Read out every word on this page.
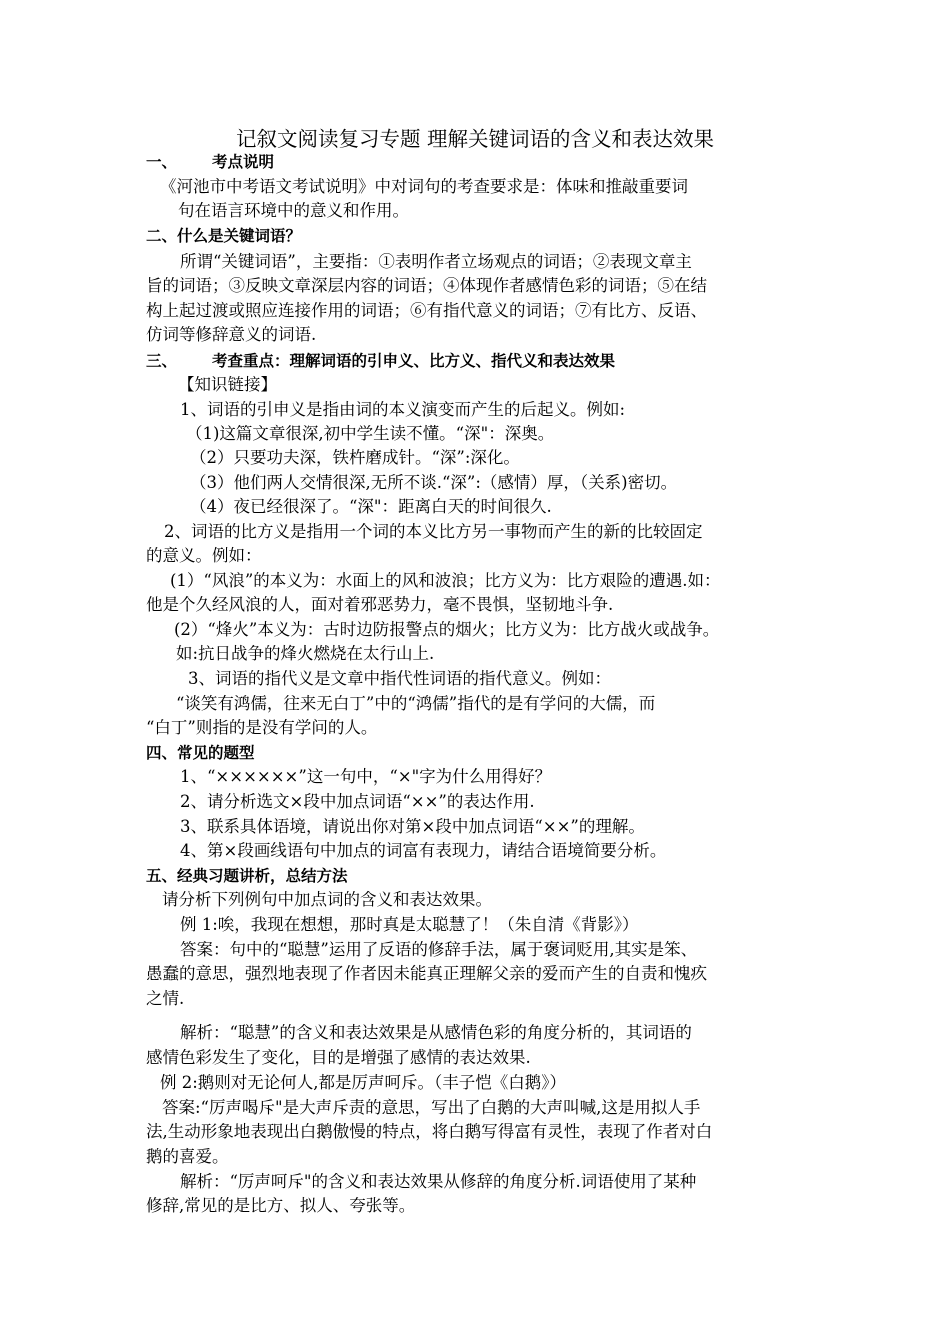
记叙文阅读复习专题 理解关键词语的含义和表达效果
一、 考点说明
《河池市中考语文考试说明》中对词句的考查要求是：体味和推敲重要词
句在语言环境中的意义和作用。
二、什么是关键词语？
所谓“关键词语”，主要指：①表明作者立场观点的词语；②表现文章主
旨的词语；③反映文章深层内容的词语；④体现作者感情色彩的词语；⑤在结
构上起过渡或照应连接作用的词语；⑥有指代意义的词语；⑦有比方、反语、
仿词等修辞意义的词语.
三、 考查重点：理解词语的引申义、比方义、指代义和表达效果
【知识链接】
1、词语的引申义是指由词的本义演变而产生的后起义。例如:
（1)这篇文章很深,初中学生读不懂。“深"：深奥。
（2）只要功夫深，铁杵磨成针。“深”:深化。
（3）他们两人交情很深,无所不谈.“深”:（感情）厚，（关系)密切。
（4）夜已经很深了。“深"：距离白天的时间很久.
2、词语的比方义是指用一个词的本义比方另一事物而产生的新的比较固定
的意义。例如：
(1）“风浪”的本义为：水面上的风和波浪；比方义为：比方艰险的遭遇.如：
他是个久经风浪的人，面对着邪恶势力，毫不畏惧，坚韧地斗争.
(2）“烽火”本义为：古时边防报警点的烟火；比方义为：比方战火或战争。
如:抗日战争的烽火燃烧在太行山上.
3、词语的指代义是文章中指代性词语的指代意义。例如：
“谈笑有鸿儒，往来无白丁”中的“鸿儒”指代的是有学问的大儒，而
“白丁”则指的是没有学问的人。
四、常见的题型
1、“××××××”这一句中，“×"字为什么用得好？
2、请分析选文×段中加点词语“××”的表达作用.
3、联系具体语境，请说出你对第×段中加点词语“××”的理解。
4、第×段画线语句中加点的词富有表现力，请结合语境简要分析。
五、经典习题讲析，总结方法
请分析下列例句中加点词的含义和表达效果。
例 1:唉，我现在想想，那时真是太聪慧了！（朱自清《背影》）
答案：句中的“聪慧”运用了反语的修辞手法，属于褒词贬用,其实是笨、
愚蠢的意思，强烈地表现了作者因未能真正理解父亲的爱而产生的自责和愧疚
之情.
解析：“聪慧”的含义和表达效果是从感情色彩的角度分析的，其词语的
感情色彩发生了变化，目的是增强了感情的表达效果.
例 2:鹅则对无论何人,都是厉声呵斥。（丰子恺《白鹅》）
答案:“厉声喝斥"是大声斥责的意思，写出了白鹅的大声叫喊,这是用拟人手
法,生动形象地表现出白鹅傲慢的特点，将白鹅写得富有灵性，表现了作者对白
鹅的喜爱。
解析：“厉声呵斥"的含义和表达效果从修辞的角度分析.词语使用了某种
修辞,常见的是比方、拟人、夸张等。
